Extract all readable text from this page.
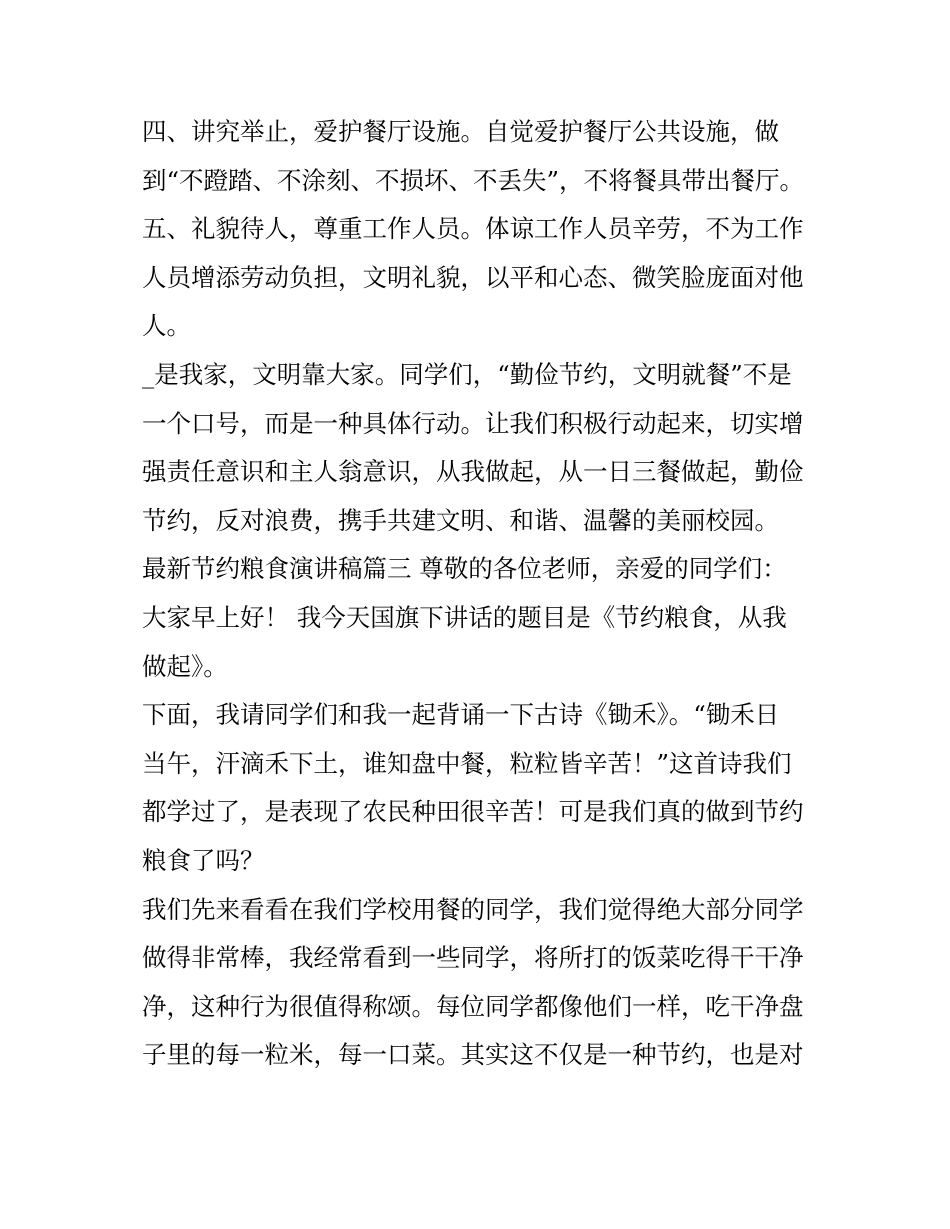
四、讲究举止，爱护餐厅设施。自觉爱护餐厅公共设施，做
到“不蹬踏、不涂刻、不损坏、不丢失”，不将餐具带出餐厅。
五、礼貌待人，尊重工作人员。体谅工作人员辛劳，不为工作
人员增添劳动负担，文明礼貌，以平和心态、微笑脸庞面对他
人。
_是我家，文明靠大家。同学们，“勤俭节约，文明就餐”不是
一个口号，而是一种具体行动。让我们积极行动起来，切实增
强责任意识和主人翁意识，从我做起，从一日三餐做起，勤俭
节约，反对浪费，携手共建文明、和谐、温馨的美丽校园。
最新节约粮食演讲稿篇三 尊敬的各位老师，亲爱的同学们：
大家早上好！ 我今天国旗下讲话的题目是《节约粮食，从我
做起》。
下面，我请同学们和我一起背诵一下古诗《锄禾》。“锄禾日
当午，汗滴禾下土，谁知盘中餐，粒粒皆辛苦！”这首诗我们
都学过了，是表现了农民种田很辛苦！可是我们真的做到节约
粮食了吗？
我们先来看看在我们学校用餐的同学，我们觉得绝大部分同学
做得非常棒，我经常看到一些同学，将所打的饭菜吃得干干净
净，这种行为很值得称颂。每位同学都像他们一样，吃干净盘
子里的每一粒米，每一口菜。其实这不仅是一种节约，也是对
